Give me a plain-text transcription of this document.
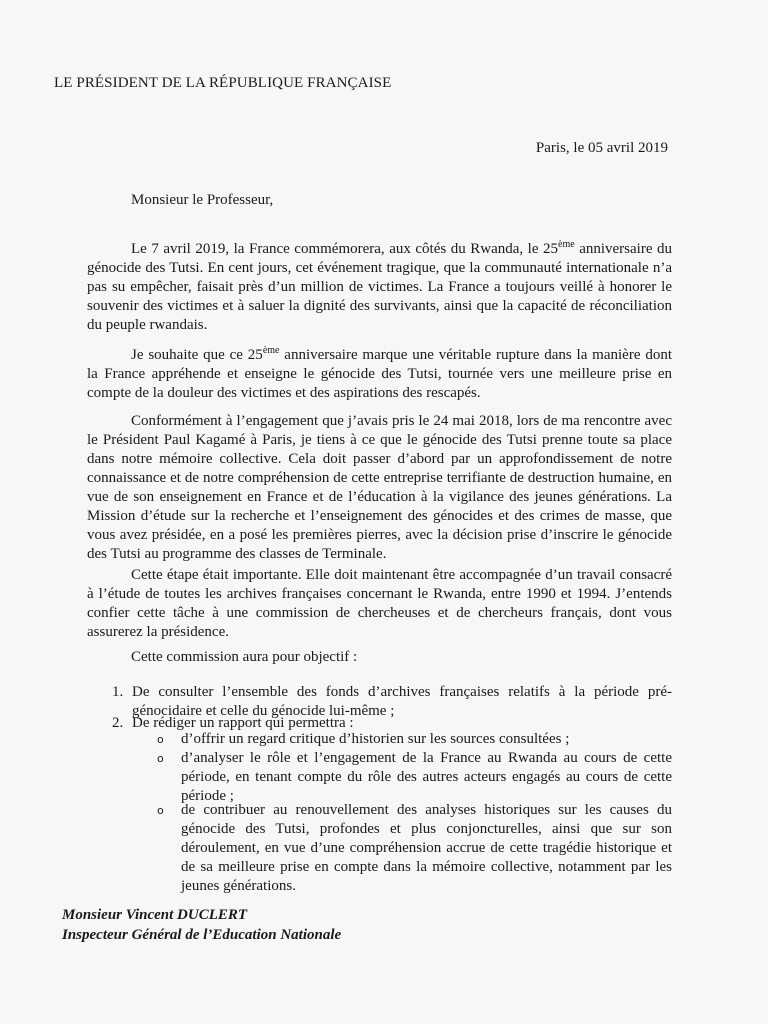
LE PRÉSIDENT DE LA RÉPUBLIQUE FRANÇAISE
Paris, le 05 avril 2019
Monsieur le Professeur,
Le 7 avril 2019, la France commémorera, aux côtés du Rwanda, le 25ème anniversaire du génocide des Tutsi. En cent jours, cet événement tragique, que la communauté internationale n’a pas su empêcher, faisait près d’un million de victimes. La France a toujours veillé à honorer le souvenir des victimes et à saluer la dignité des survivants, ainsi que la capacité de réconciliation du peuple rwandais.
Je souhaite que ce 25ème anniversaire marque une véritable rupture dans la manière dont la France appréhende et enseigne le génocide des Tutsi, tournée vers une meilleure prise en compte de la douleur des victimes et des aspirations des rescapés.
Conformément à l’engagement que j’avais pris le 24 mai 2018, lors de ma rencontre avec le Président Paul Kagamé à Paris, je tiens à ce que le génocide des Tutsi prenne toute sa place dans notre mémoire collective. Cela doit passer d’abord par un approfondissement de notre connaissance et de notre compréhension de cette entreprise terrifiante de destruction humaine, en vue de son enseignement en France et de l’éducation à la vigilance des jeunes générations. La Mission d’étude sur la recherche et l’enseignement des génocides et des crimes de masse, que vous avez présidée, en a posé les premières pierres, avec la décision prise d’inscrire le génocide des Tutsi au programme des classes de Terminale.
Cette étape était importante. Elle doit maintenant être accompagnée d’un travail consacré à l’étude de toutes les archives françaises concernant le Rwanda, entre 1990 et 1994. J’entends confier cette tâche à une commission de chercheuses et de chercheurs français, dont vous assurerez la présidence.
Cette commission aura pour objectif :
1. De consulter l’ensemble des fonds d’archives françaises relatifs à la période pré-génocidaire et celle du génocide lui-même ;
2. De rédiger un rapport qui permettra :
o d’offrir un regard critique d’historien sur les sources consultées ;
o d’analyser le rôle et l’engagement de la France au Rwanda au cours de cette période, en tenant compte du rôle des autres acteurs engagés au cours de cette période ;
o de contribuer au renouvellement des analyses historiques sur les causes du génocide des Tutsi, profondes et plus conjoncturelles, ainsi que sur son déroulement, en vue d’une compréhension accrue de cette tragédie historique et de sa meilleure prise en compte dans la mémoire collective, notamment par les jeunes générations.
Monsieur Vincent DUCLERT
Inspecteur Général de l’Education Nationale
